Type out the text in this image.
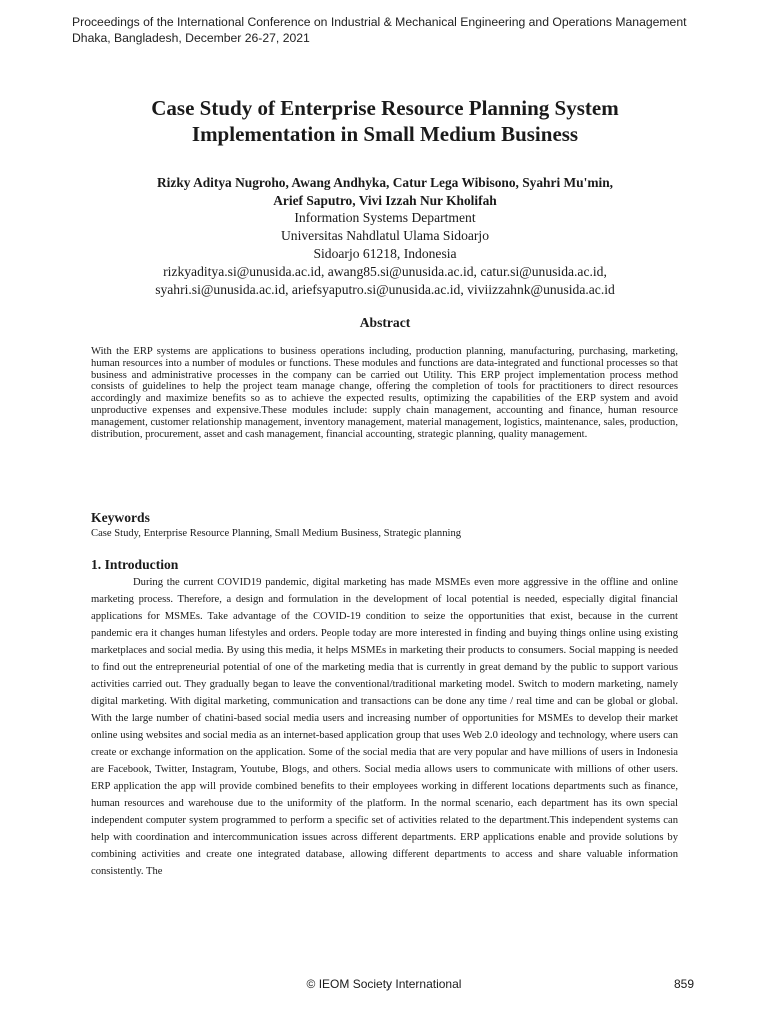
Proceedings of the International Conference on Industrial & Mechanical Engineering and Operations Management
Dhaka, Bangladesh, December 26-27, 2021
Case Study of Enterprise Resource Planning System
Implementation in Small Medium Business
Rizky Aditya Nugroho, Awang Andhyka, Catur Lega Wibisono, Syahri Mu'min,
Arief Saputro, Vivi Izzah Nur Kholifah
Information Systems Department
Universitas Nahdlatul Ulama Sidoarjo
Sidoarjo 61218, Indonesia
rizkyaditya.si@unusida.ac.id, awang85.si@unusida.ac.id, catur.si@unusida.ac.id,
syahri.si@unusida.ac.id, ariefsyaputro.si@unusida.ac.id, viviizzahnk@unusida.ac.id
Abstract

With the ERP systems are applications to business operations including, production planning, manufacturing, purchasing, marketing, human resources into a number of modules or functions. These modules and functions are data-integrated and functional processes so that business and administrative processes in the company can be carried out Utility. This ERP project implementation process method consists of guidelines to help the project team manage change, offering the completion of tools for practitioners to direct resources accordingly and maximize benefits so as to achieve the expected results, optimizing the capabilities of the ERP system and avoid unproductive expenses and expensive.These modules include: supply chain management, accounting and finance, human resource management, customer relationship management, inventory management, material management, logistics, maintenance, sales, production, distribution, procurement, asset and cash management, financial accounting, strategic planning, quality management.

Keywords
Case Study, Enterprise Resource Planning, Small Medium Business, Strategic planning
1. Introduction

During the current COVID19 pandemic, digital marketing has made MSMEs even more aggressive in the offline and online marketing process. Therefore, a design and formulation in the development of local potential is needed, especially digital financial applications for MSMEs. Take advantage of the COVID-19 condition to seize the opportunities that exist, because in the current pandemic era it changes human lifestyles and orders. People today are more interested in finding and buying things online using existing marketplaces and social media. By using this media, it helps MSMEs in marketing their products to consumers. Social mapping is needed to find out the entrepreneurial potential of one of the marketing media that is currently in great demand by the public to support various activities carried out. They gradually began to leave the conventional/traditional marketing model. Switch to modern marketing, namely digital marketing. With digital marketing, communication and transactions can be done any time / real time and can be global or global. With the large number of chatini-based social media users and increasing number of opportunities for MSMEs to develop their market online using websites and social media as an internet-based application group that uses Web 2.0 ideology and technology, where users can create or exchange information on the application. Some of the social media that are very popular and have millions of users in Indonesia are Facebook, Twitter, Instagram, Youtube, Blogs, and others. Social media allows users to communicate with millions of other users. ERP application the app will provide combined benefits to their employees working in different locations departments such as finance, human resources and warehouse due to the uniformity of the platform. In the normal scenario, each department has its own special independent computer system programmed to perform a specific set of activities related to the department.This independent systems can help with coordination and intercommunication issues across different departments. ERP applications enable and provide solutions by combining activities and create one integrated database, allowing different departments to access and share valuable information consistently. The

© IEOM Society International	859
